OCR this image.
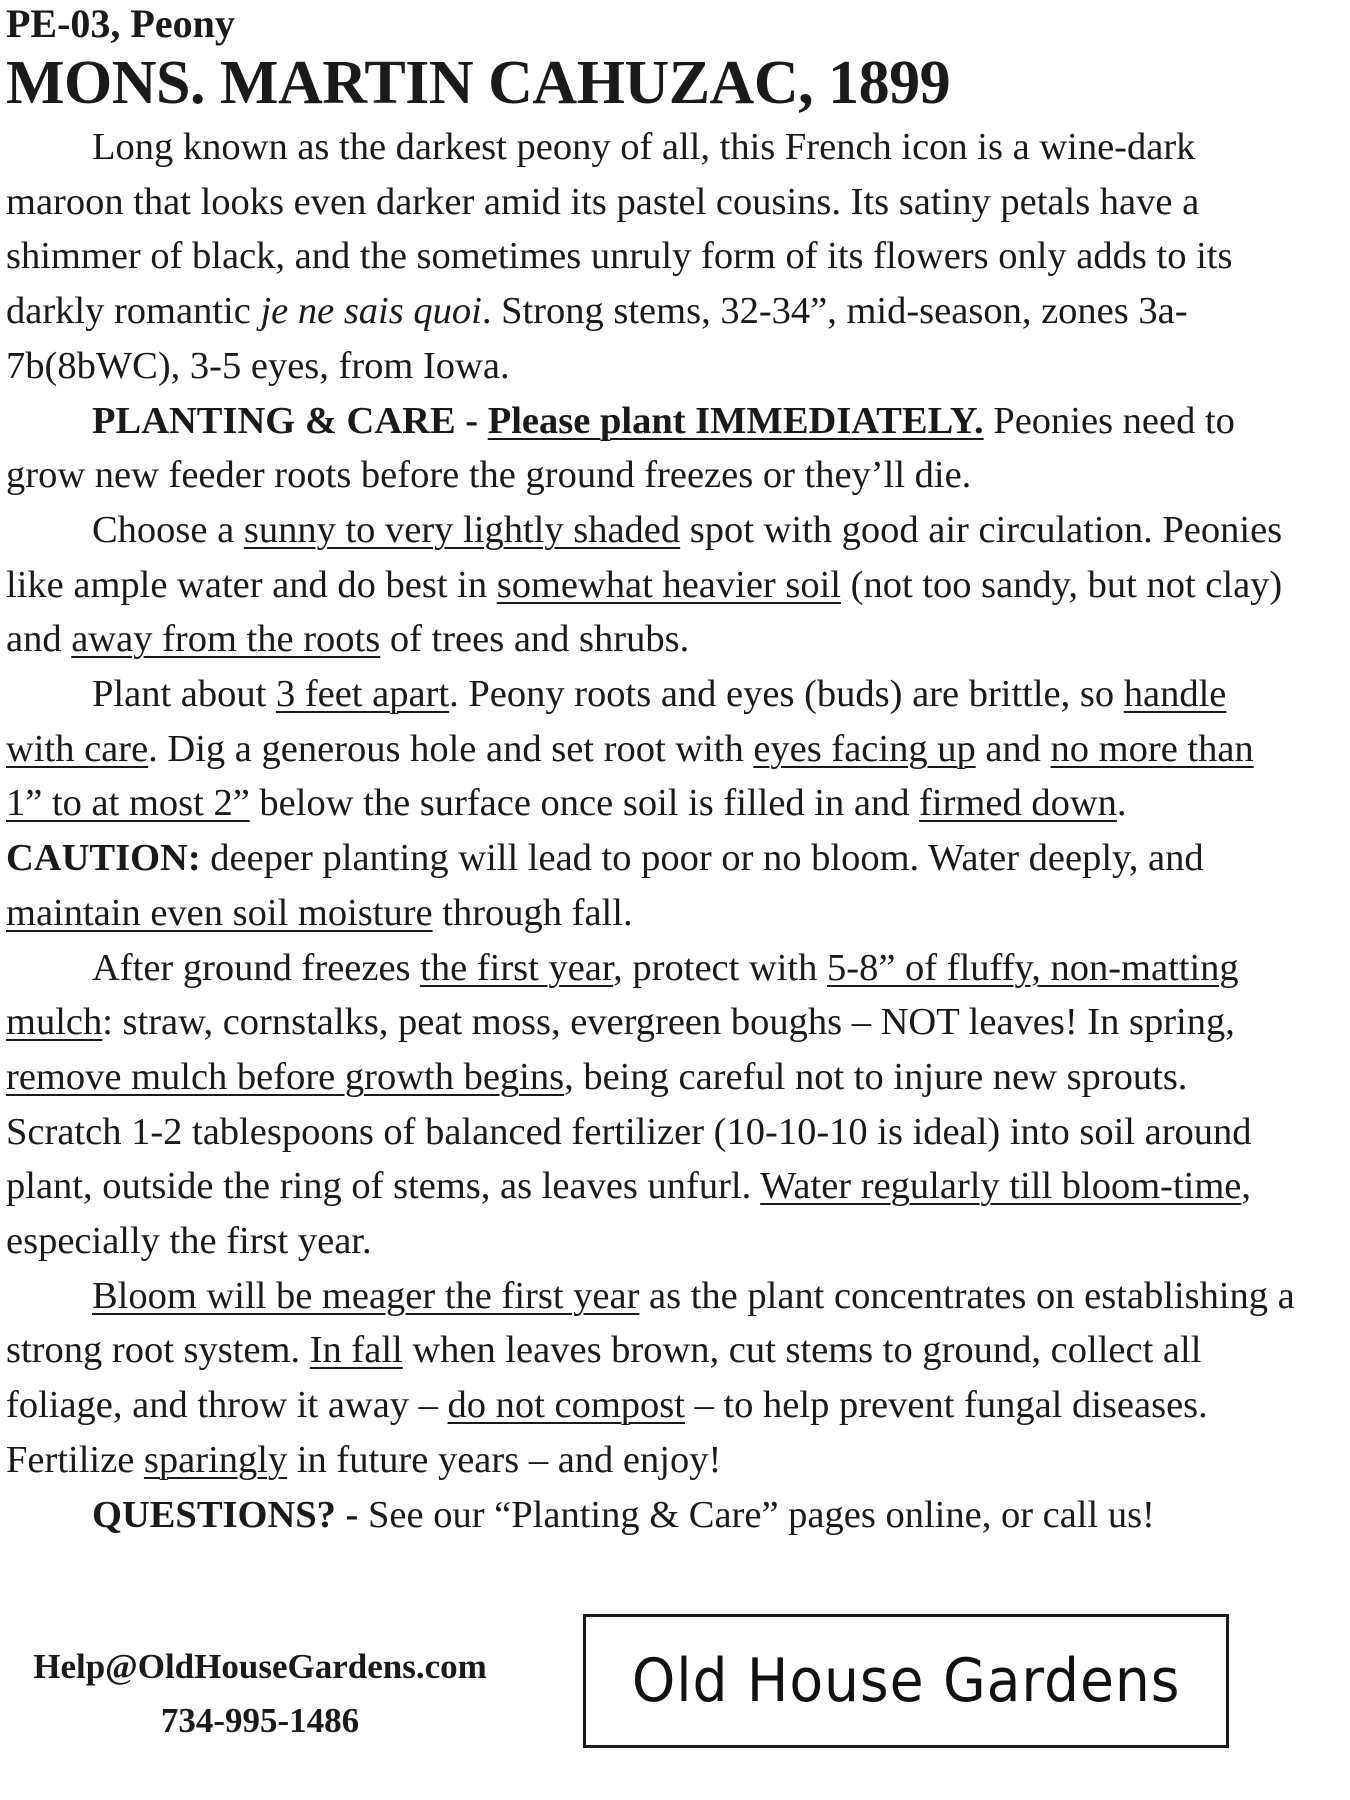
PE-03, Peony
MONS. MARTIN CAHUZAC, 1899

Long known as the darkest peony of all, this French icon is a wine-dark maroon that looks even darker amid its pastel cousins. Its satiny petals have a shimmer of black, and the sometimes unruly form of its flowers only adds to its darkly romantic je ne sais quoi. Strong stems, 32-34”, mid-season, zones 3a-7b(8bWC), 3-5 eyes, from Iowa.

PLANTING & CARE - Please plant IMMEDIATELY. Peonies need to grow new feeder roots before the ground freezes or they’ll die.

Choose a sunny to very lightly shaded spot with good air circulation. Peonies like ample water and do best in somewhat heavier soil (not too sandy, but not clay) and away from the roots of trees and shrubs.

Plant about 3 feet apart. Peony roots and eyes (buds) are brittle, so handle with care. Dig a generous hole and set root with eyes facing up and no more than 1” to at most 2” below the surface once soil is filled in and firmed down. CAUTION: deeper planting will lead to poor or no bloom. Water deeply, and maintain even soil moisture through fall.

After ground freezes the first year, protect with 5-8” of fluffy, non-matting mulch: straw, cornstalks, peat moss, evergreen boughs – NOT leaves! In spring, remove mulch before growth begins, being careful not to injure new sprouts. Scratch 1-2 tablespoons of balanced fertilizer (10-10-10 is ideal) into soil around plant, outside the ring of stems, as leaves unfurl. Water regularly till bloom-time, especially the first year.

Bloom will be meager the first year as the plant concentrates on establishing a strong root system. In fall when leaves brown, cut stems to ground, collect all foliage, and throw it away – do not compost – to help prevent fungal diseases. Fertilize sparingly in future years – and enjoy!

QUESTIONS? - See our “Planting & Care” pages online, or call us!

Help@OldHouseGardens.com
734-995-1486
Old House Gardens
